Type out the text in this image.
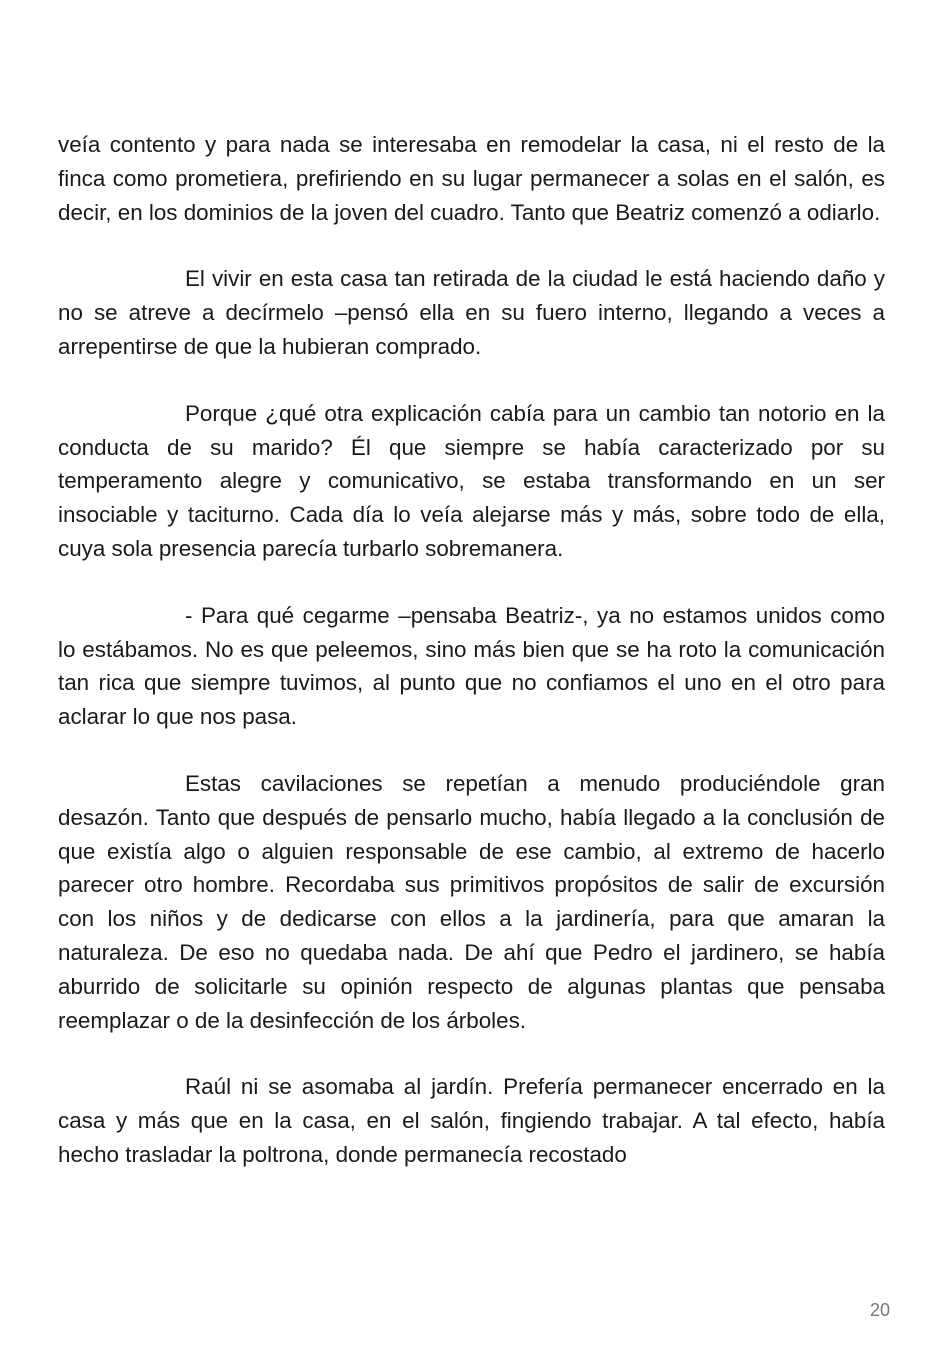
veía contento y para nada se interesaba en remodelar la casa, ni el resto de la finca como prometiera, prefiriendo en su lugar permanecer a solas en el salón, es decir, en los dominios de la joven del cuadro. Tanto que Beatriz comenzó a odiarlo.

El vivir en esta casa tan retirada de la ciudad le está haciendo daño y no se atreve a decírmelo –pensó ella en su fuero interno, llegando a veces a arrepentirse de que la hubieran comprado.

Porque ¿qué otra explicación cabía para un cambio tan notorio en la conducta de su marido? Él que siempre se había caracterizado por su temperamento alegre y comunicativo, se estaba transformando en un ser insociable y taciturno. Cada día lo veía alejarse más y más, sobre todo de ella, cuya sola presencia parecía turbarlo sobremanera.

- Para qué cegarme –pensaba Beatriz-, ya no estamos unidos como lo estábamos. No es que peleemos, sino más bien que se ha roto la comunicación tan rica que siempre tuvimos, al punto que no confiamos el uno en el otro para aclarar lo que nos pasa.

Estas cavilaciones se repetían a menudo produciéndole gran desazón. Tanto que después de pensarlo mucho, había llegado a la conclusión de que existía algo o alguien responsable de ese cambio, al extremo de hacerlo parecer otro hombre. Recordaba sus primitivos propósitos de salir de excursión con los niños y de dedicarse con ellos a la jardinería, para que amaran la naturaleza. De eso no quedaba nada. De ahí que Pedro el jardinero, se había aburrido de solicitarle su opinión respecto de algunas plantas que pensaba reemplazar o de la desinfección de los árboles.

Raúl ni se asomaba al jardín. Prefería permanecer encerrado en la casa y más que en la casa, en el salón, fingiendo trabajar. A tal efecto, había hecho trasladar la poltrona, donde permanecía recostado

20
